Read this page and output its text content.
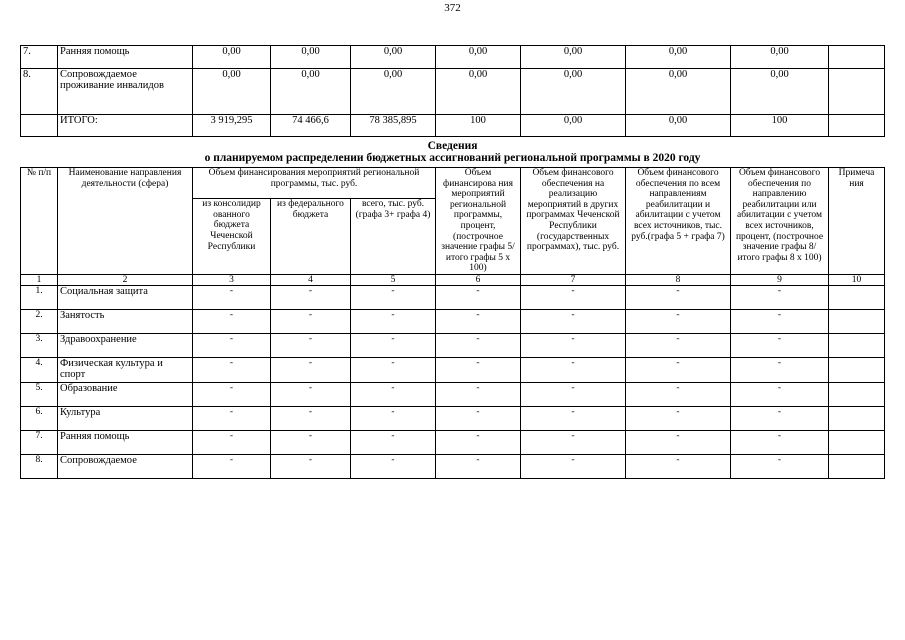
372
7.	Ранняя помощь	0,00	0,00	0,00	0,00	0,00	0,00	0,00	
8.	Сопровождаемое проживание инвалидов	0,00	0,00	0,00	0,00	0,00	0,00	0,00	
	ИТОГО:	3 919,295	74 466,6	78 385,895	100	0,00	0,00	100	
Сведения
о планируемом распределении бюджетных ассигнований региональной программы в 2020 году
№ п/п	Наименование направления деятельности (сфера)	Объем финансирования мероприятий региональной программы, тыс. руб.			Объем финансирова ния мероприятий региональной программы, процент, (построчное значение графы 5/ итого графы 5 х 100)	Объем финансового обеспечения на реализацию мероприятий в других программах Чеченской Республики (государственных программах), тыс. руб.	Объем финансового обеспечения по всем направлениям реабилитации и абилитации с учетом всех источников, тыс. руб.(графа 5 + графа 7)	Объем финансового обеспечения по направлению реабилитации или абилитации с учетом всех источников, процент, (построчное значение графы 8/ итого графы 8 х 100)	Примеча ния
		из консолидир ованного бюджета Чеченской Республики	из федерального бюджета	всего, тыс. руб. (графа 3+ графа 4)					
1	2	3	4	5	6	7	8	9	10
1.	Социальная защита	-	-	-	-	-	-	-	
2.	Занятость	-	-	-	-	-	-	-	
3.	Здравоохранение	-	-	-	-	-	-	-	
4.	Физическая культура и спорт	-	-	-	-	-	-	-	
5.	Образование	-	-	-	-	-	-	-	
6.	Культура	-	-	-	-	-	-	-	
7.	Ранняя помощь	-	-	-	-	-	-	-	
8.	Сопровождаемое	-	-	-	-	-	-	-	
